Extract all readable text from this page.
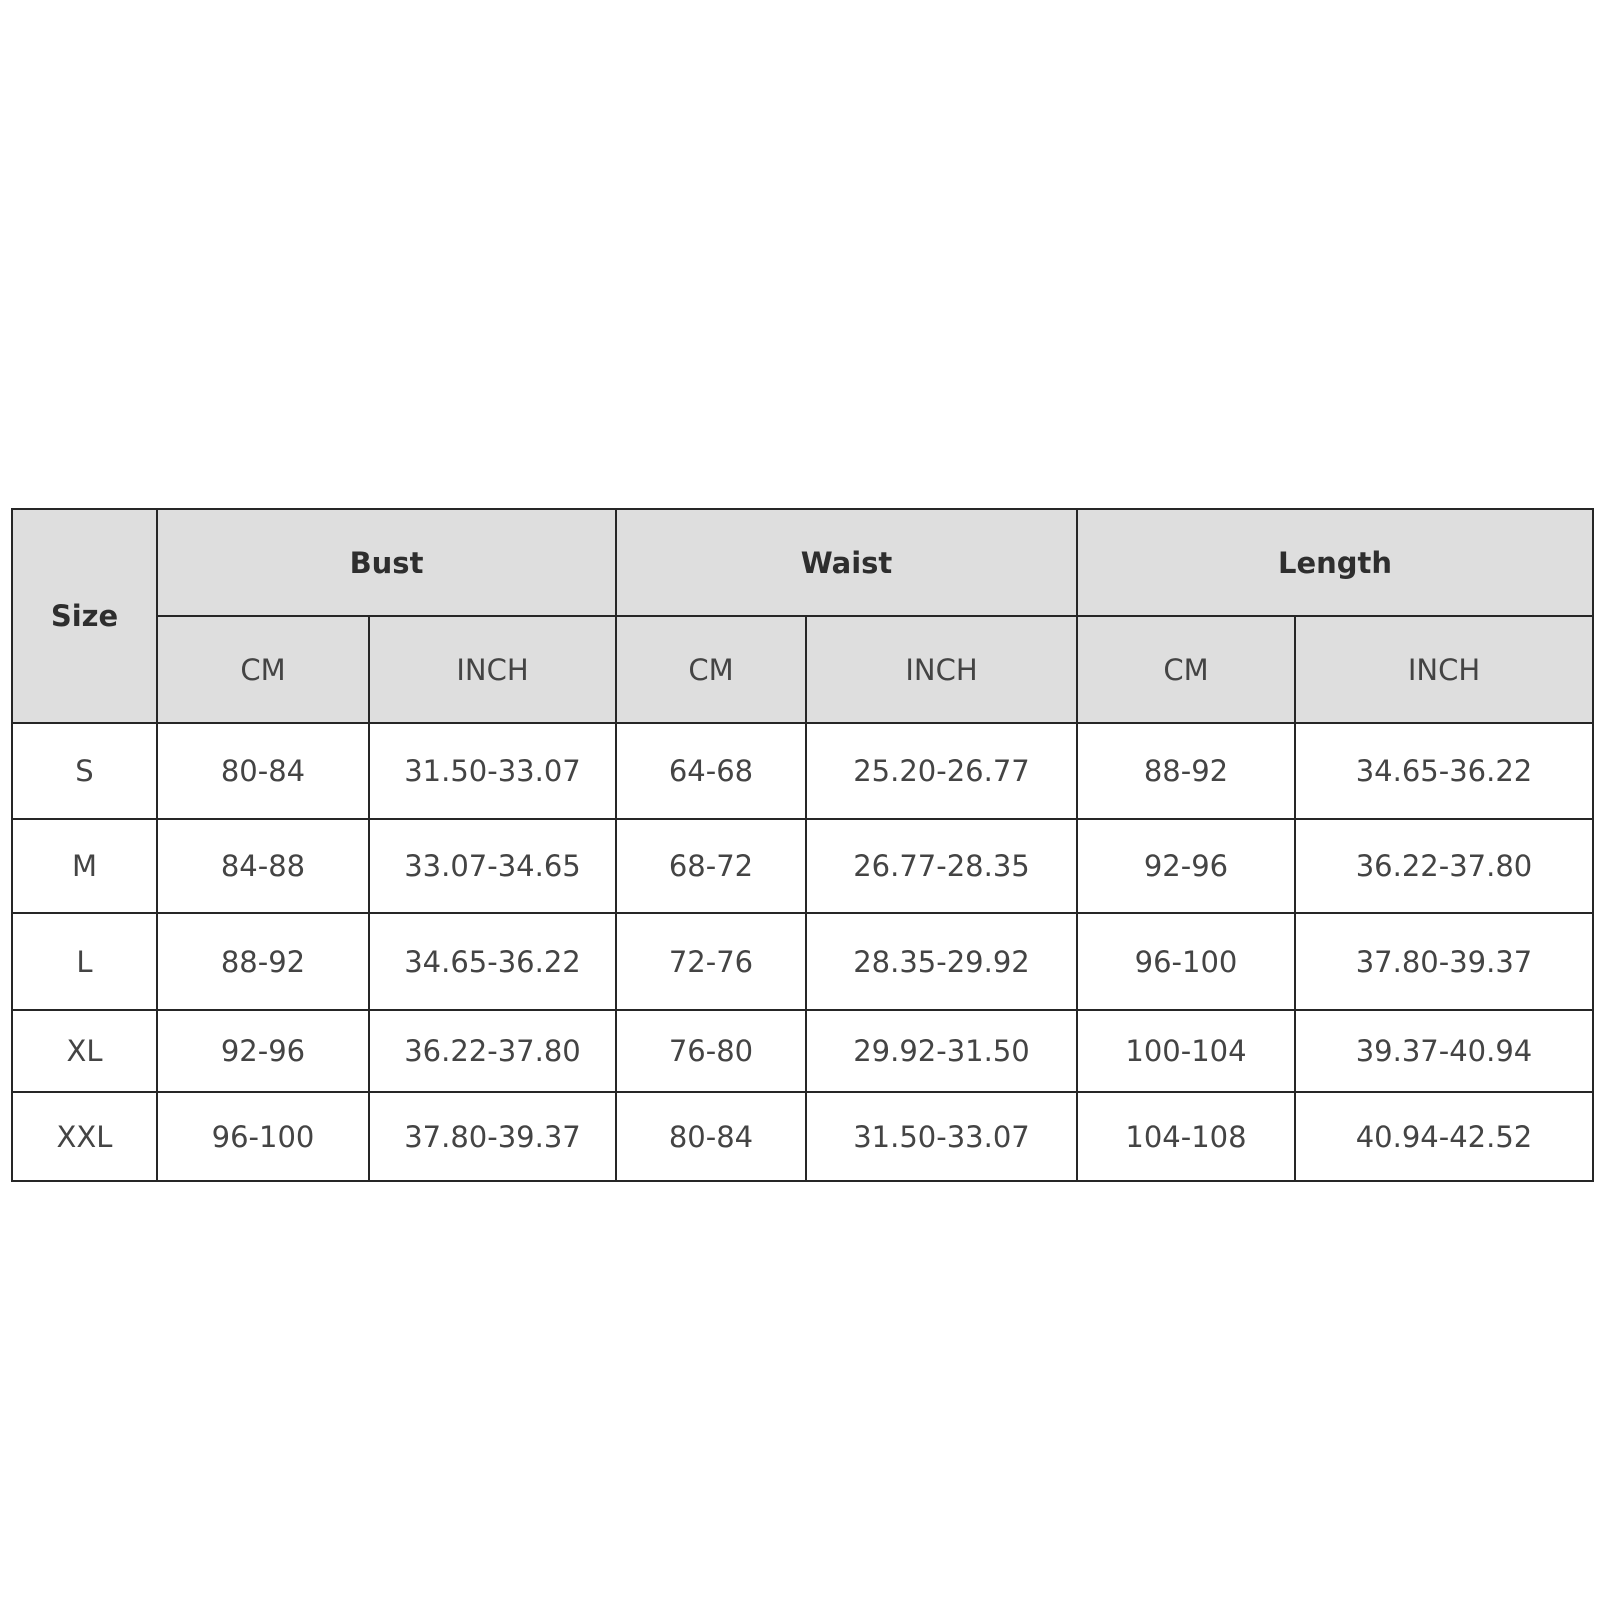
Size	Bust		Waist		Length	
	CM	INCH	CM	INCH	CM	INCH
S	80-84	31.50-33.07	64-68	25.20-26.77	88-92	34.65-36.22
M	84-88	33.07-34.65	68-72	26.77-28.35	92-96	36.22-37.80
L	88-92	34.65-36.22	72-76	28.35-29.92	96-100	37.80-39.37
XL	92-96	36.22-37.80	76-80	29.92-31.50	100-104	39.37-40.94
XXL	96-100	37.80-39.37	80-84	31.50-33.07	104-108	40.94-42.52
